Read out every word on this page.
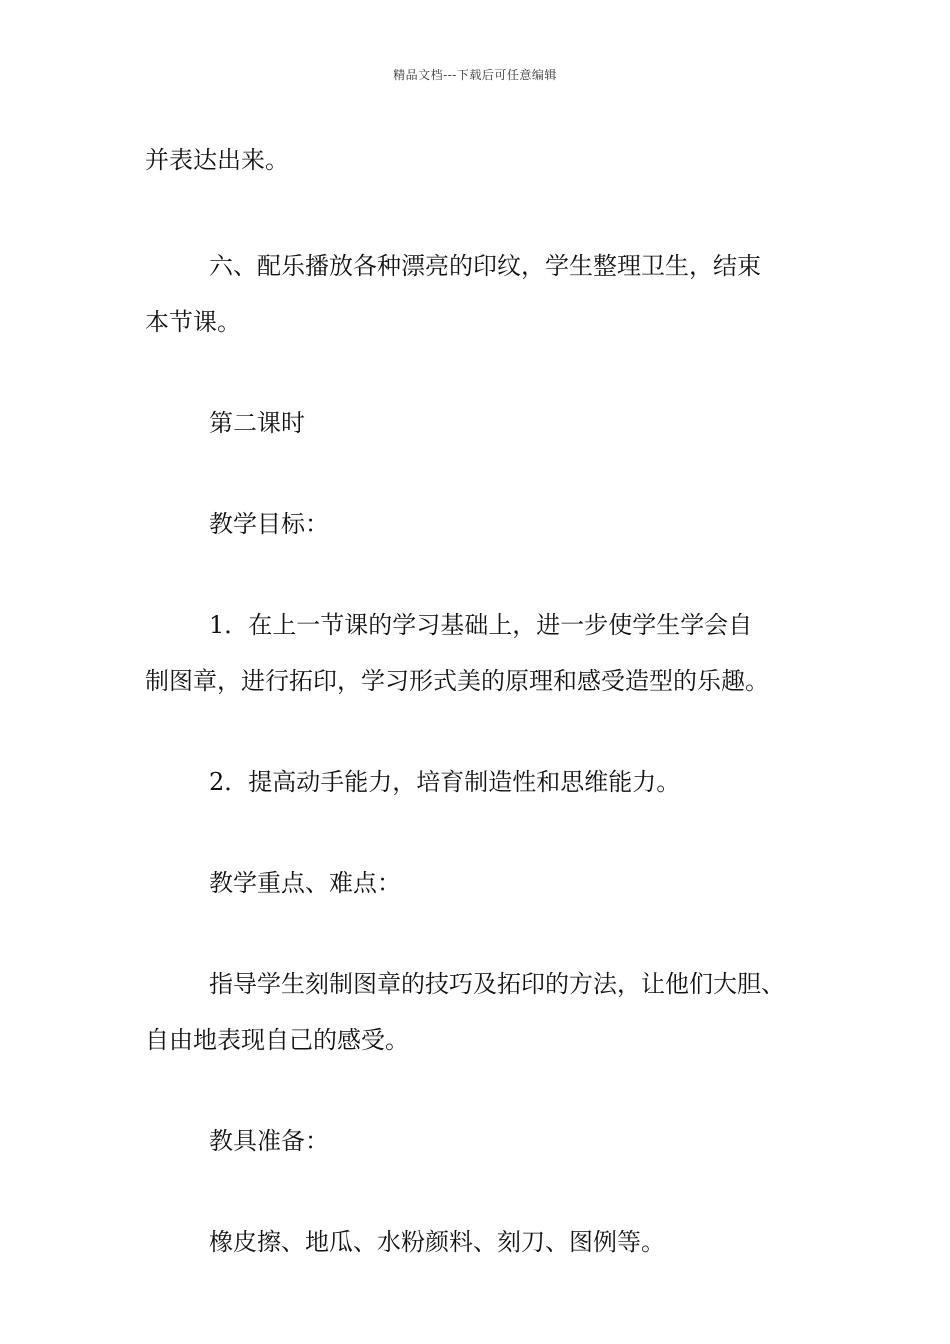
精品文档---下载后可任意编辑

并表达出来。

六、配乐播放各种漂亮的印纹，学生整理卫生，结束

本节课。

第二课时

教学目标：

1．在上一节课的学习基础上，进一步使学生学会自

制图章，进行拓印，学习形式美的原理和感受造型的乐趣。

2．提高动手能力，培育制造性和思维能力。

教学重点、难点：

指导学生刻制图章的技巧及拓印的方法，让他们大胆、

自由地表现自己的感受。

教具准备：

橡皮擦、地瓜、水粉颜料、刻刀、图例等。
